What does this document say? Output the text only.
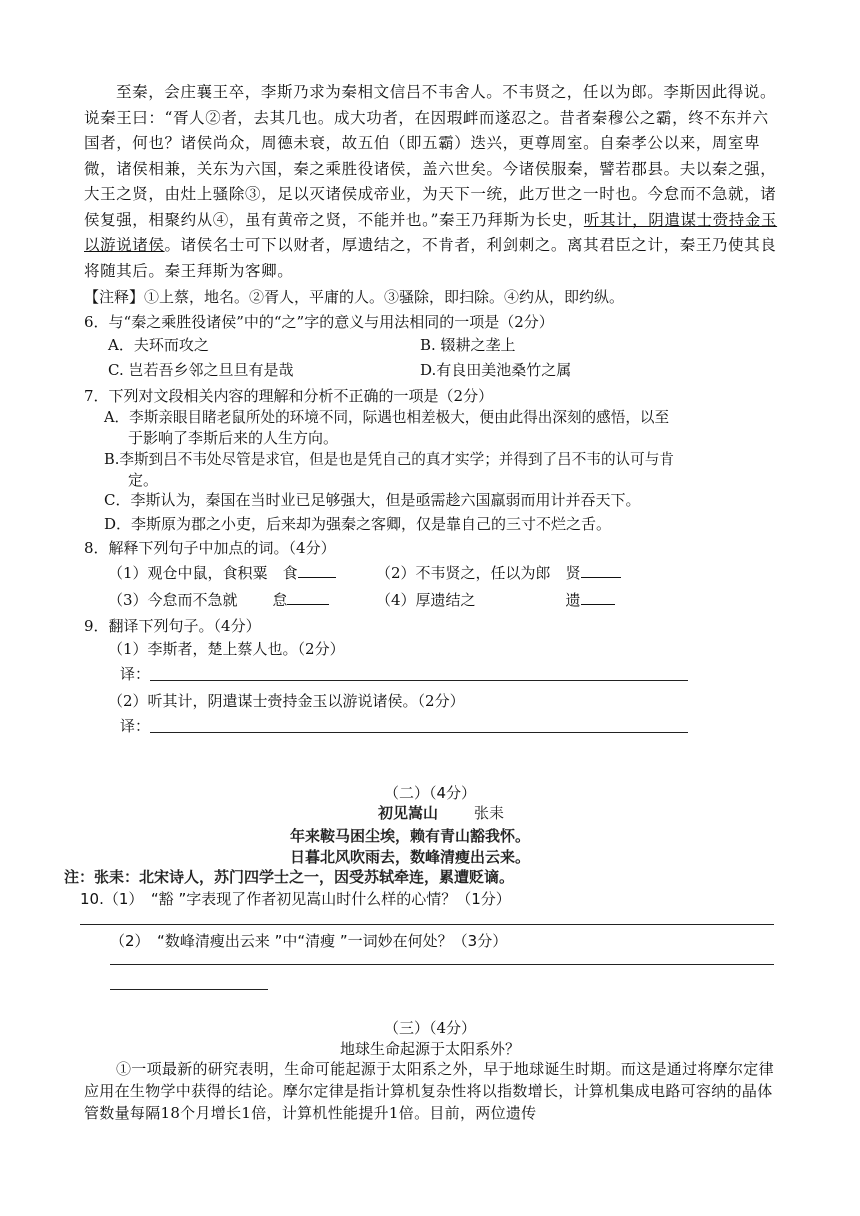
至秦，会庄襄王卒，李斯乃求为秦相文信吕不韦舍人。不韦贤之，任以为郎。李斯因此得说。说秦王曰：“胥人②者，去其几也。成大功者，在因瑕衅而遂忍之。昔者秦穆公之霸，终不东并六国者，何也？诸侯尚众，周德未衰，故五伯（即五霸）迭兴，更尊周室。自秦孝公以来，周室卑微，诸侯相兼，关东为六国，秦之乘胜役诸侯，盖六世矣。今诸侯服秦，譬若郡县。夫以秦之强，大王之贤，由灶上骚除③，足以灭诸侯成帝业，为天下一统，此万世之一时也。今怠而不急就，诸侯复强，相聚约从④，虽有黄帝之贤，不能并也。”秦王乃拜斯为长史，听其计，阴遣谋士赍持金玉以游说诸侯。诸侯名士可下以财者，厚遗结之，不肯者，利剑刺之。离其君臣之计，秦王乃使其良将随其后。秦王拜斯为客卿。

【注释】①上蔡，地名。②胥人，平庸的人。③骚除，即扫除。④约从，即约纵。

6．与“秦之乘胜役诸侯”中的“之”字的意义与用法相同的一项是（2分）

A．夫环而攻之	B. 辍耕之垄上

C. 岂若吾乡邻之旦旦有是哉	D.有良田美池桑竹之属

7．下列对文段相关内容的理解和分析不正确的一项是（2分）

A．李斯亲眼目睹老鼠所处的环境不同，际遇也相差极大，便由此得出深刻的感悟，以至

于影响了李斯后来的人生方向。

B.李斯到吕不韦处尽管是求官，但是也是凭自己的真才实学；并得到了吕不韦的认可与肯

定。

C．李斯认为，秦国在当时业已足够强大，但是亟需趁六国羸弱而用计并吞天下。

D．李斯原为郡之小吏，后来却为强秦之客卿，仅是靠自己的三寸不烂之舌。

8．解释下列句子中加点的词。（4分）

（1）观仓中鼠，食积粟　 食	（2）不韦贤之，任以为郎　 贤

（3）今怠而不急就　　 怠	（4）厚遗结之	遗

9．翻译下列句子。（4分）

（1）李斯者，楚上蔡人也。（2分）

译：

（2）听其计，阴遣谋士赍持金玉以游说诸侯。（2分）

译：

（二）（4分）

初见嵩山 张耒

年来鞍马困尘埃，赖有青山豁我怀。

日暮北风吹雨去，数峰清瘦出云来。

注：张耒：北宋诗人，苏门四学士之一，因受苏轼牵连，累遭贬谪。

10.（1）　“豁 ”字表现了作者初见嵩山时什么样的心情？（1分）

（2）　“数峰清瘦出云来 ”中“清瘦 ”一词妙在何处？（3分）

（三）（4分）

地球生命起源于太阳系外？

①一项最新的研究表明，生命可能起源于太阳系之外，早于地球诞生时期。而这是通过将摩尔定律应用在生物学中获得的结论。摩尔定律是指计算机复杂性将以指数增长，计算机集成电路可容纳的晶体管数量每隔18个月增长1倍，计算机性能提升1倍。目前，两位遗传
